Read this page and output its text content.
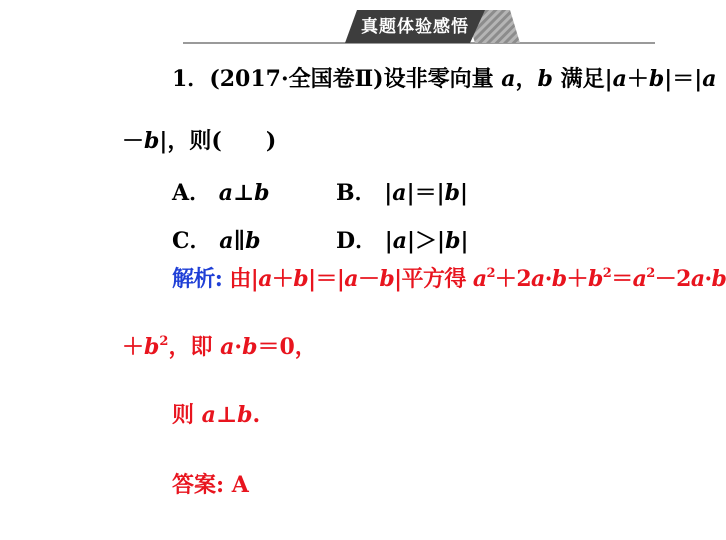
真题体验感悟
1．(2017·全国卷Ⅱ)设非零向量 a，b 满足|a＋b|＝|a
－b|，则(　　)
A． a⊥b	B． |a|＝|b|
C． a∥b	D． |a|＞|b|
解析: 由|a＋b|＝|a－b|平方得 $a^2+2a\cdot b+b^2=a^2-2a\cdot b$
$+b^2$，即 a·b＝0，
则 a⊥b.
答案: A
